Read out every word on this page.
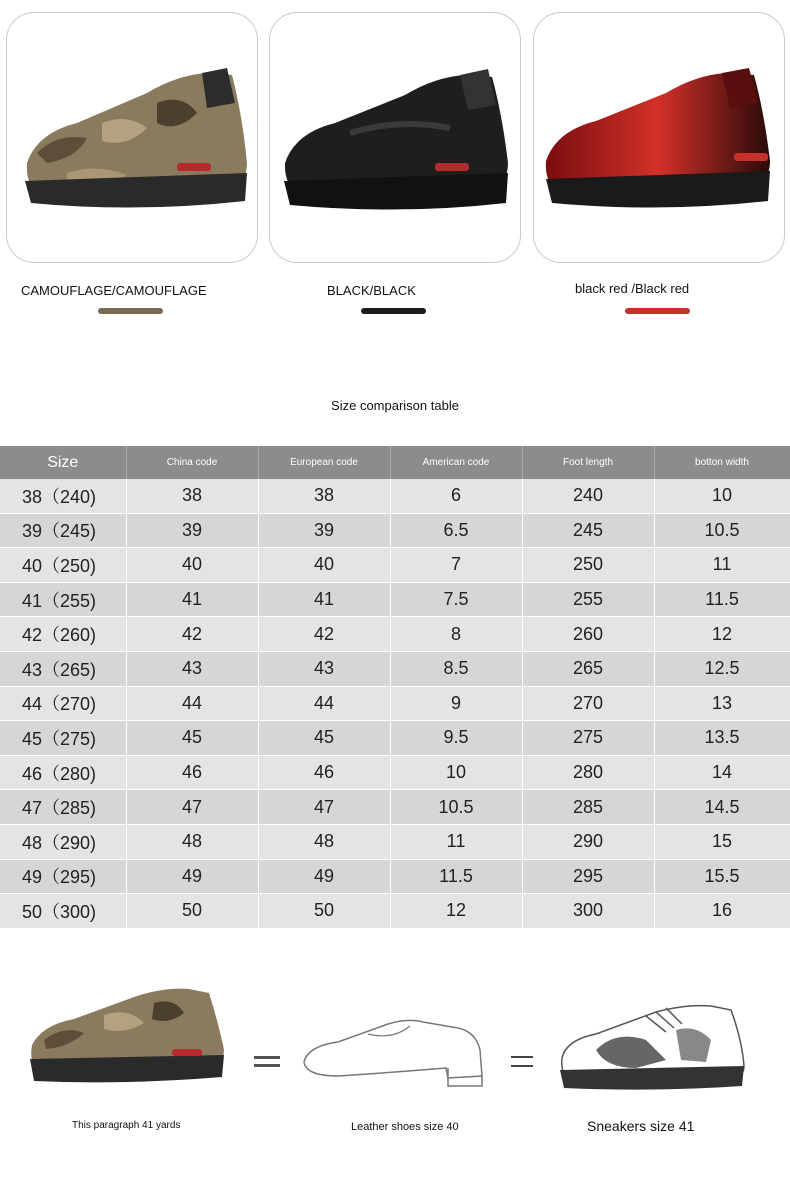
CAMOUFLAGE/CAMOUFLAGE	BLACK/BLACK	black red /Black red
Size comparison table
Size	China code	European code	American code	Foot length	botton width
38（240)	38	38	6	240	10
39（245)	39	39	6.5	245	10.5
40（250)	40	40	7	250	11
41（255)	41	41	7.5	255	11.5
42（260)	42	42	8	260	12
43（265)	43	43	8.5	265	12.5
44（270)	44	44	9	270	13
45（275)	45	45	9.5	275	13.5
46（280)	46	46	10	280	14
47（285)	47	47	10.5	285	14.5
48（290)	48	48	11	290	15
49（295)	49	49	11.5	295	15.5
50（300)	50	50	12	300	16
This paragraph 41 yards	Leather shoes size 40	Sneakers size 41
